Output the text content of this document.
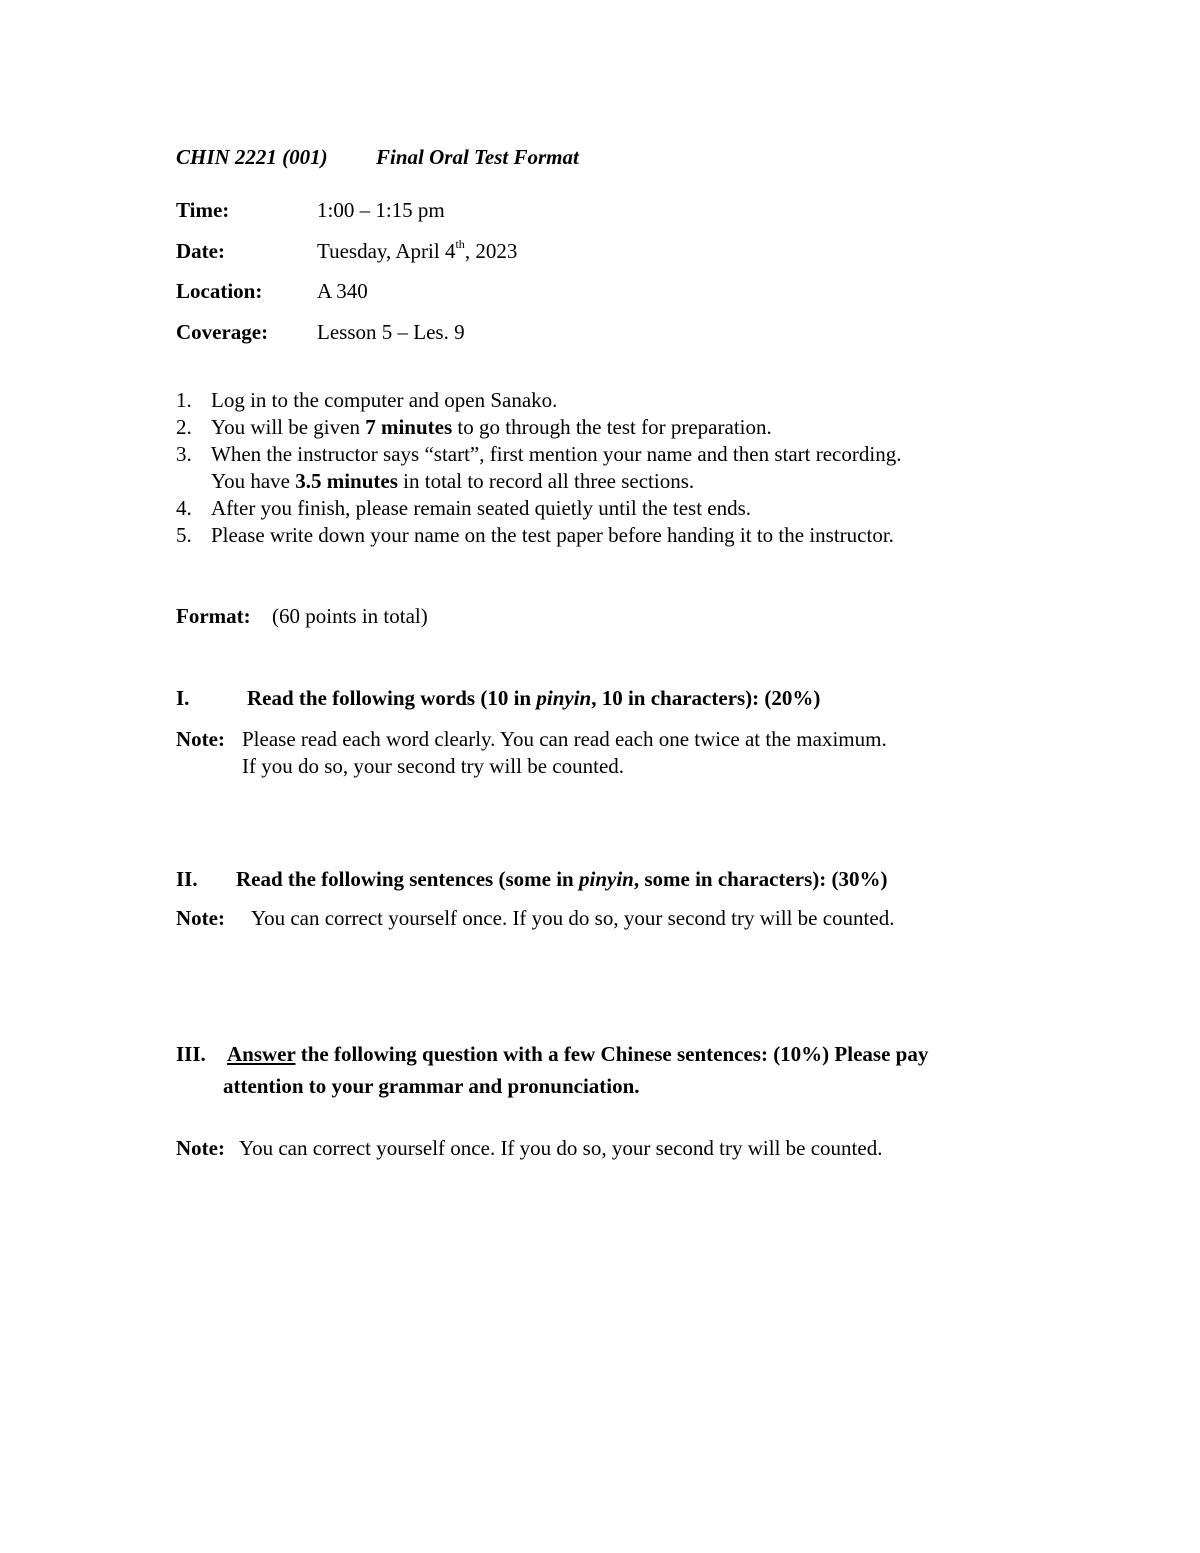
CHIN 2221 (001) Final Oral Test Format
Time:	1:00 – 1:15 pm
Date:	Tuesday, April 4th, 2023
Location:	A 340
Coverage: Lesson 5 – Les. 9
1. Log in to the computer and open Sanako.
2. You will be given 7 minutes to go through the test for preparation.
3. When the instructor says “start”, first mention your name and then start recording.
You have 3.5 minutes in total to record all three sections.
4. After you finish, please remain seated quietly until the test ends.
5. Please write down your name on the test paper before handing it to the instructor.
Format: (60 points in total)
I.	Read the following words (10 in pinyin, 10 in characters): (20%)
Note: Please read each word clearly. You can read each one twice at the maximum.
If you do so, your second try will be counted.
II. Read the following sentences (some in pinyin, some in characters): (30%)
Note: You can correct yourself once. If you do so, your second try will be counted.
III. Answer the following question with a few Chinese sentences: (10%) Please pay
attention to your grammar and pronunciation.
Note: You can correct yourself once. If you do so, your second try will be counted.
